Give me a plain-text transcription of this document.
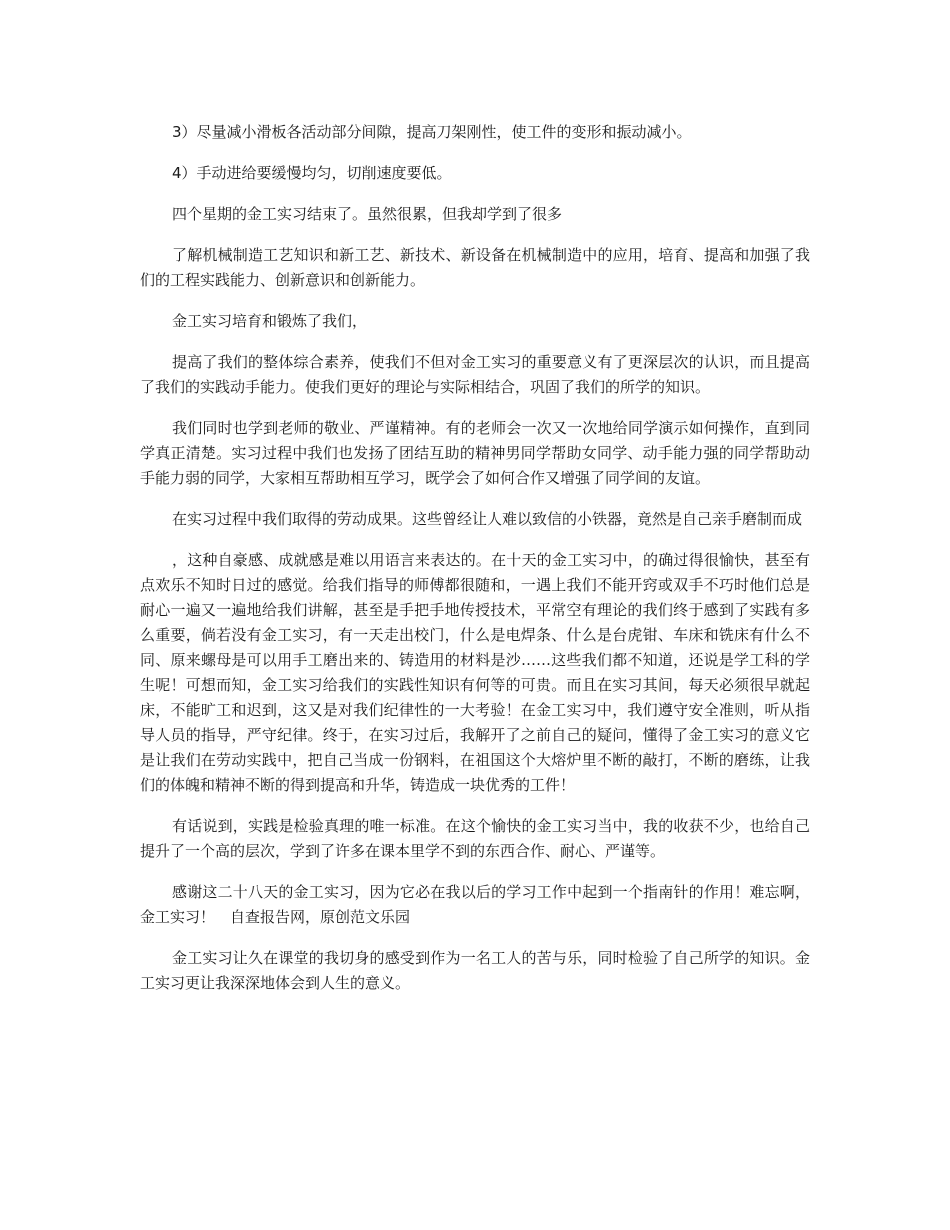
3）尽量减小滑板各活动部分间隙，提高刀架刚性，使工件的变形和振动减小。

4）手动进给要缓慢均匀，切削速度要低。

四个星期的金工实习结束了。虽然很累，但我却学到了很多

了解机械制造工艺知识和新工艺、新技术、新设备在机械制造中的应用，培育、提高和加强了我们的工程实践能力、创新意识和创新能力。

金工实习培育和锻炼了我们，

提高了我们的整体综合素养，使我们不但对金工实习的重要意义有了更深层次的认识，而且提高了我们的实践动手能力。使我们更好的理论与实际相结合，巩固了我们的所学的知识。

我们同时也学到老师的敬业、严谨精神。有的老师会一次又一次地给同学演示如何操作，直到同学真正清楚。实习过程中我们也发扬了团结互助的精神男同学帮助女同学、动手能力强的同学帮助动手能力弱的同学，大家相互帮助相互学习，既学会了如何合作又增强了同学间的友谊。

在实习过程中我们取得的劳动成果。这些曾经让人难以致信的小铁器，竟然是自己亲手磨制而成

，这种自豪感、成就感是难以用语言来表达的。在十天的金工实习中，的确过得很愉快，甚至有点欢乐不知时日过的感觉。给我们指导的师傅都很随和，一遇上我们不能开窍或双手不巧时他们总是耐心一遍又一遍地给我们讲解，甚至是手把手地传授技术，平常空有理论的我们终于感到了实践有多么重要，倘若没有金工实习，有一天走出校门，什么是电焊条、什么是台虎钳、车床和铣床有什么不同、原来螺母是可以用手工磨出来的、铸造用的材料是沙……这些我们都不知道，还说是学工科的学生呢！可想而知，金工实习给我们的实践性知识有何等的可贵。而且在实习其间，每天必须很早就起床，不能旷工和迟到，这又是对我们纪律性的一大考验！在金工实习中，我们遵守安全准则，听从指导人员的指导，严守纪律。终于，在实习过后，我解开了之前自己的疑问，懂得了金工实习的意义它是让我们在劳动实践中，把自己当成一份钢料，在祖国这个大熔炉里不断的敲打，不断的磨练，让我们的体魄和精神不断的得到提高和升华，铸造成一块优秀的工件！

有话说到，实践是检验真理的唯一标准。在这个愉快的金工实习当中，我的收获不少，也给自己提升了一个高的层次，学到了许多在课本里学不到的东西合作、耐心、严谨等。

感谢这二十八天的金工实习，因为它必在我以后的学习工作中起到一个指南针的作用！难忘啊，金工实习！　自查报告网，原创范文乐园

金工实习让久在课堂的我切身的感受到作为一名工人的苦与乐，同时检验了自己所学的知识。金工实习更让我深深地体会到人生的意义。
